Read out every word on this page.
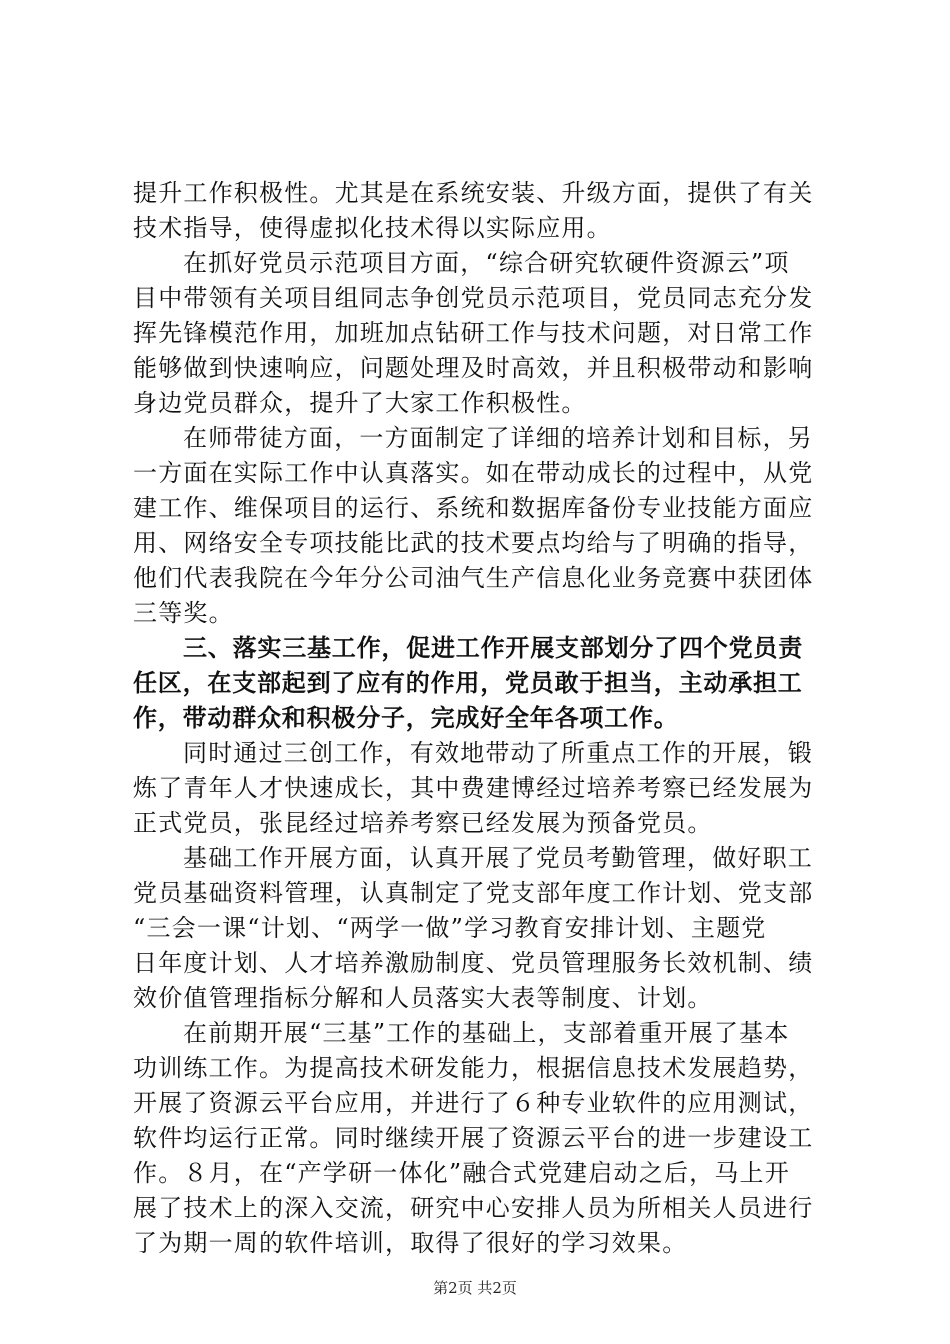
提升工作积极性。尤其是在系统安装、升级方面，提供了有关
技术指导，使得虚拟化技术得以实际应用。
在抓好党员示范项目方面，“综合研究软硬件资源云”项
目中带领有关项目组同志争创党员示范项目，党员同志充分发
挥先锋模范作用，加班加点钻研工作与技术问题，对日常工作
能够做到快速响应，问题处理及时高效，并且积极带动和影响
身边党员群众，提升了大家工作积极性。
在师带徒方面，一方面制定了详细的培养计划和目标，另
一方面在实际工作中认真落实。如在带动成长的过程中，从党
建工作、维保项目的运行、系统和数据库备份专业技能方面应
用、网络安全专项技能比武的技术要点均给与了明确的指导，
他们代表我院在今年分公司油气生产信息化业务竞赛中获团体
三等奖。
三、落实三基工作，促进工作开展支部划分了四个党员责
任区，在支部起到了应有的作用，党员敢于担当，主动承担工
作，带动群众和积极分子，完成好全年各项工作。
同时通过三创工作，有效地带动了所重点工作的开展，锻
炼了青年人才快速成长，其中费建博经过培养考察已经发展为
正式党员，张昆经过培养考察已经发展为预备党员。
基础工作开展方面，认真开展了党员考勤管理，做好职工
党员基础资料管理，认真制定了党支部年度工作计划、党支部
“三会一课“计划、“两学一做”学习教育安排计划、主题党
日年度计划、人才培养激励制度、党员管理服务长效机制、绩
效价值管理指标分解和人员落实大表等制度、计划。
在前期开展“三基”工作的基础上，支部着重开展了基本
功训练工作。为提高技术研发能力，根据信息技术发展趋势，
开展了资源云平台应用，并进行了６种专业软件的应用测试，
软件均运行正常。同时继续开展了资源云平台的进一步建设工
作。８月，在“产学研一体化”融合式党建启动之后，马上开
展了技术上的深入交流，研究中心安排人员为所相关人员进行
了为期一周的软件培训，取得了很好的学习效果。
第2页 共2页
